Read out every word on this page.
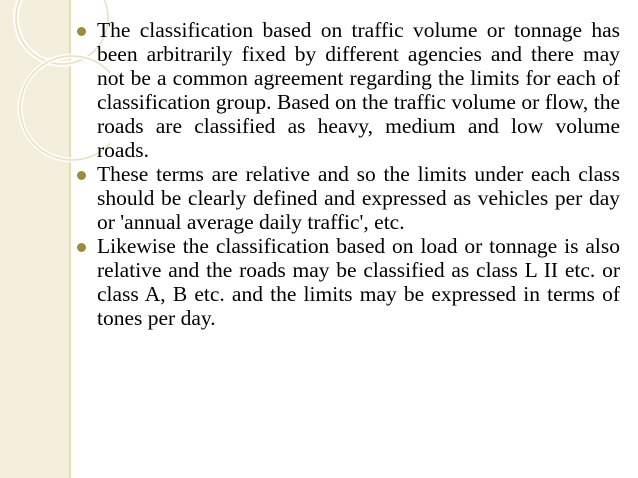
The classification based on traffic volume or tonnage has been arbitrarily fixed by different agencies and there may not be a common agreement regarding the limits for each of classification group. Based on the traffic volume or flow, the roads are classified as heavy, medium and low volume roads.

These terms are relative and so the limits under each class should be clearly defined and expressed as vehicles per day or 'annual average daily traffic', etc.

Likewise the classification based on load or tonnage is also relative and the roads may be classified as class L II etc. or class A, B etc. and the limits may be expressed in terms of tones per day.
